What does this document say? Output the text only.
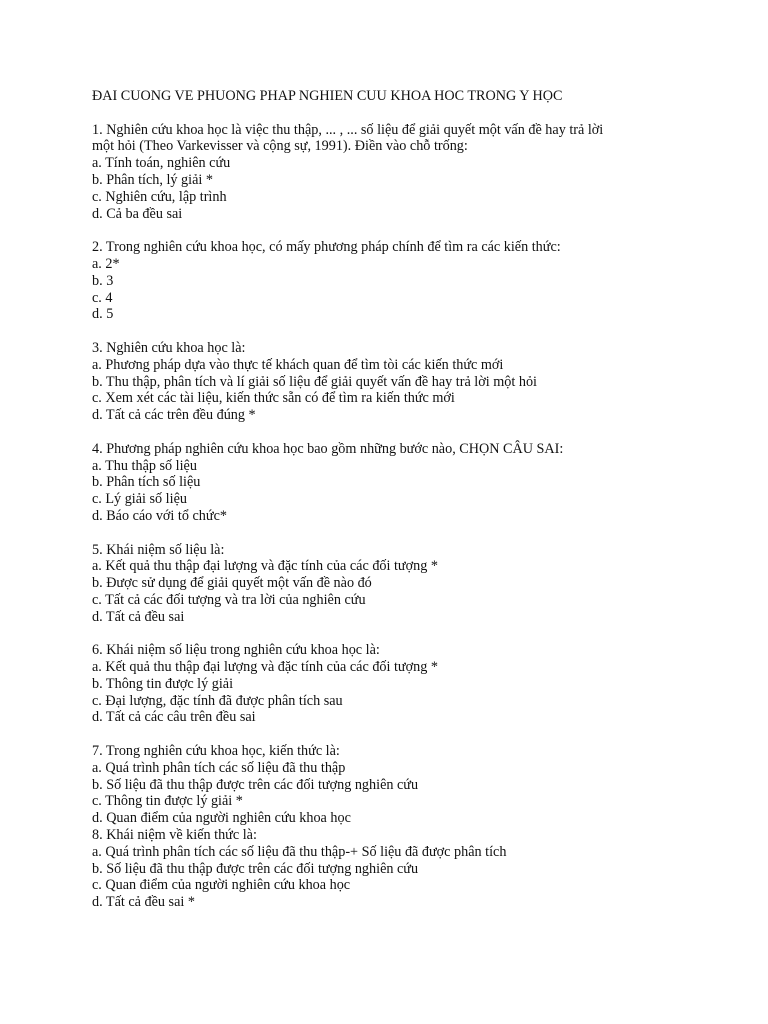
ĐAI CUONG VE PHUONG PHAP NGHIEN CUU KHOA HOC TRONG Y HỌC
1. Nghiên cứu khoa học là việc thu thập, ... , ... số liệu để giải quyết một vấn đề hay trả lời
một hỏi (Theo Varkevisser và cộng sự, 1991). Điền vào chỗ trống:
a. Tính toán, nghiên cứu
b. Phân tích, lý giải *
c. Nghiên cứu, lập trình
d. Cả ba đều sai
2. Trong nghiên cứu khoa học, có mấy phương pháp chính để tìm ra các kiến thức:
a. 2*
b. 3
c. 4
d. 5
3. Nghiên cứu khoa học là:
a. Phương pháp dựa vào thực tế khách quan để tìm tòi các kiến thức mới
b. Thu thập, phân tích và lí giải số liệu để giải quyết vấn đề hay trả lời một hỏi
c. Xem xét các tài liệu, kiến thức sẵn có để tìm ra kiến thức mới
d. Tất cả các trên đều đúng *
4. Phương pháp nghiên cứu khoa học bao gồm những bước nào, CHỌN CÂU SAI:
a. Thu thập số liệu
b. Phân tích số liệu
c. Lý giải số liệu
d. Báo cáo với tổ chức*
5. Khái niệm số liệu là:
a. Kết quả thu thập đại lượng và đặc tính của các đối tượng *
b. Được sử dụng để giải quyết một vấn đề nào đó
c. Tất cả các đối tượng và tra lời của nghiên cứu
d. Tất cả đều sai
6. Khái niệm số liệu trong nghiên cứu khoa học là:
a. Kết quả thu thập đại lượng và đặc tính của các đối tượng *
b. Thông tin được lý giải
c. Đại lượng, đặc tính đã được phân tích sau
d. Tất cả các câu trên đều sai
7. Trong nghiên cứu khoa học, kiến thức là:
a. Quá trình phân tích các số liệu đã thu thập
b. Số liệu đã thu thập được trên các đối tượng nghiên cứu
c. Thông tin được lý giải *
d. Quan điểm của người nghiên cứu khoa học
8. Khái niệm về kiến thức là:
a. Quá trình phân tích các số liệu đã thu thập-+ Số liệu đã được phân tích
b. Số liệu đã thu thập được trên các đối tượng nghiên cứu
c. Quan điểm của người nghiên cứu khoa học
d. Tất cả đều sai *
